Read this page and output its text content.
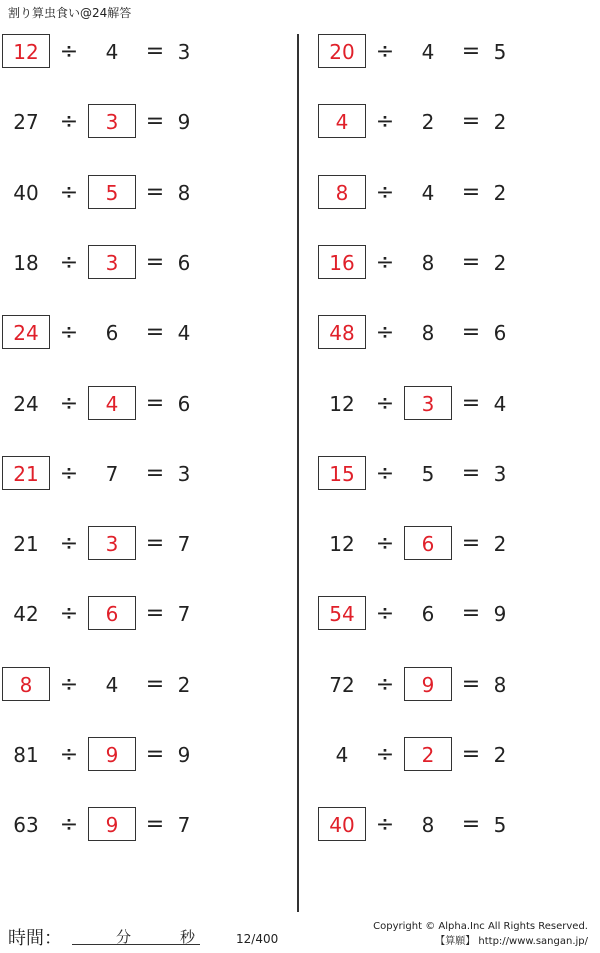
割り算虫食い@24解答
12 ÷	4	= 3
27 ÷	3	= 9
40 ÷	5	= 8
18 ÷	3	= 6
24 ÷	6	= 4
24 ÷	4	= 6
21 ÷	7	= 3
21 ÷	3	= 7
42 ÷	6	= 7
8	÷	4	= 2
81 ÷	9	= 9
63 ÷	9	= 7
20 ÷	4	= 5
4	÷	2	= 2
8	÷	4	= 2
16 ÷	8	= 2
48 ÷	8	= 6
12 ÷	3	= 4
15 ÷	5	= 3
12 ÷	6	= 2
54 ÷	6	= 9
72 ÷	9	= 8
4	÷	2	= 2
40 ÷	8	= 5
時間：	分	秒	12/400
Copyright © Alpha.Inc All Rights Reserved.
【算願】 http://www.sangan.jp/
